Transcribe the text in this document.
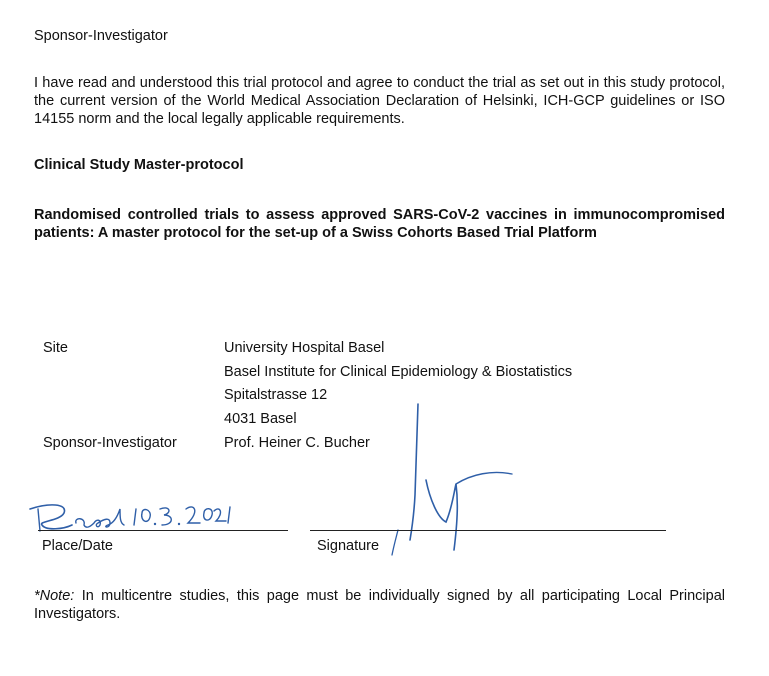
Sponsor-Investigator
I have read and understood this trial protocol and agree to conduct the trial as set out in this study protocol, the current version of the World Medical Association Declaration of Helsinki, ICH-GCP guidelines or ISO 14155 norm and the local legally applicable requirements.
Clinical Study Master-protocol
Randomised controlled trials to assess approved SARS-CoV-2 vaccines in immunocompromised patients: A master protocol for the set-up of a Swiss Cohorts Based Trial Platform
Site	University Hospital Basel
Basel Institute for Clinical Epidemiology & Biostatistics
Spitalstrasse 12
4031 Basel
Sponsor-Investigator	Prof. Heiner C. Bucher
Place/Date	Signature
*Note: In multicentre studies, this page must be individually signed by all participating Local Principal Investigators.
